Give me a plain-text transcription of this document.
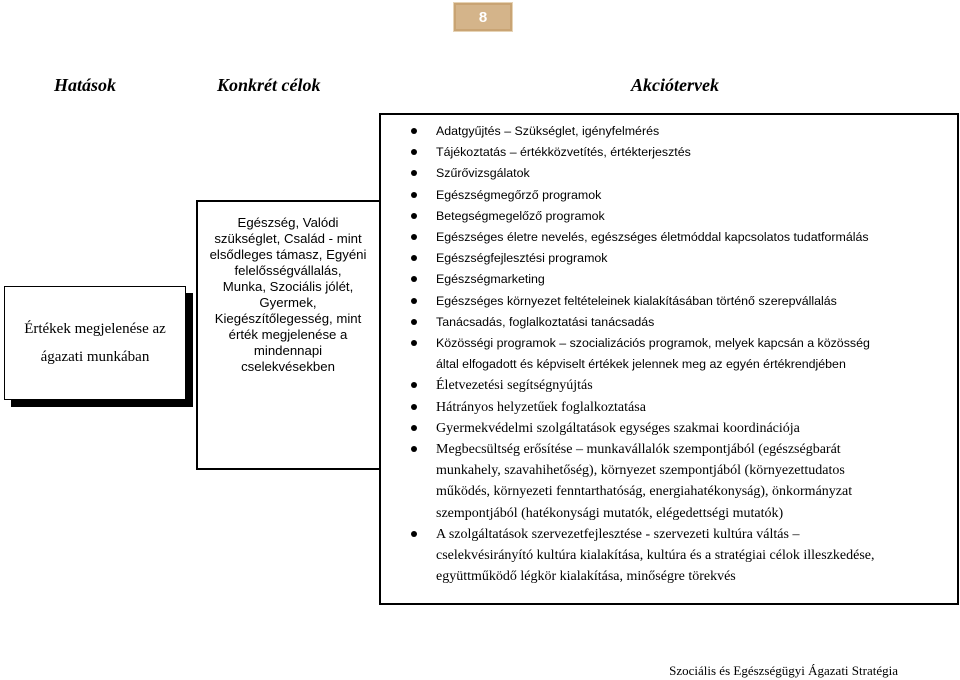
8
Hatások	Konkrét célok	Akciótervek
Értékek megjelenése az ágazati munkában
Egészség, Valódi
szükséglet, Család - mint
elsődleges támasz, Egyéni
felelősségvállalás,
Munka, Szociális jólét,
Gyermek,
Kiegészítőlegesség, mint
érték megjelenése a
mindennapi
cselekvésekben
Adatgyűjtés – Szükséglet, igényfelmérés
Tájékoztatás – értékközvetítés, értékterjesztés
Szűrővizsgálatok
Egészségmegőrző programok
Betegségmegelőző programok
Egészséges életre nevelés, egészséges életmóddal kapcsolatos tudatformálás
Egészségfejlesztési programok
Egészségmarketing
Egészséges környezet feltételeinek kialakításában történő szerepvállalás
Tanácsadás, foglalkoztatási tanácsadás
Közösségi programok – szocializációs programok, melyek kapcsán a közösség
által elfogadott és képviselt értékek jelennek meg az egyén értékrendjében
Életvezetési segítségnyújtás
Hátrányos helyzetűek foglalkoztatása
Gyermekvédelmi szolgáltatások egységes szakmai koordinációja
Megbecsültség erősítése – munkavállalók szempontjából (egészségbarát
munkahely, szavahihetőség), környezet szempontjából (környezettudatos
működés, környezeti fenntarthatóság, energiahatékonyság), önkormányzat
szempontjából (hatékonysági mutatók, elégedettségi mutatók)
A szolgáltatások szervezetfejlesztése - szervezeti kultúra váltás –
cselekvésirányító kultúra kialakítása, kultúra és a stratégiai célok illeszkedése,
együttműködő légkör kialakítása, minőségre törekvés
Szociális és Egészségügyi Ágazati Stratégia
